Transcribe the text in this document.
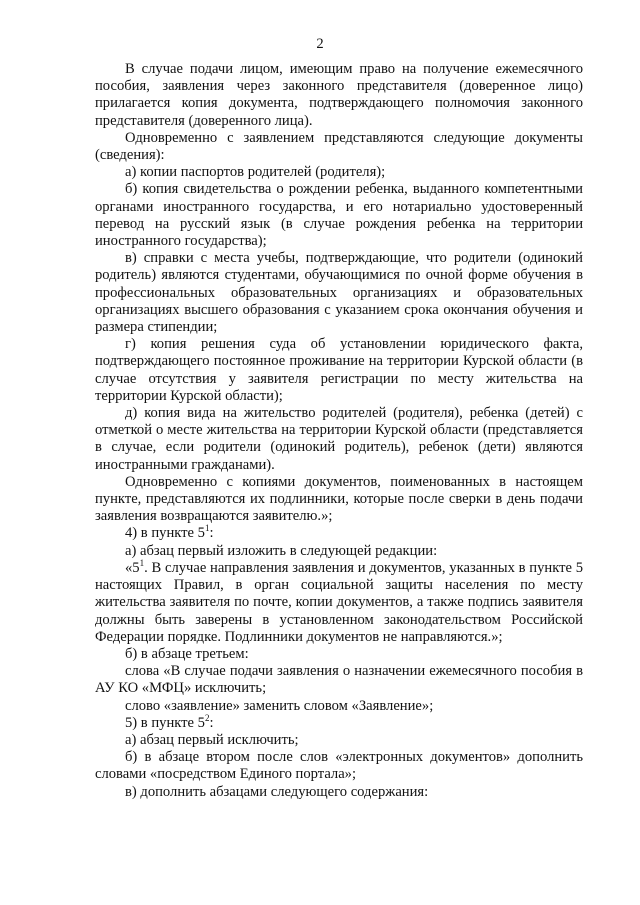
2

В случае подачи лицом, имеющим право на получение ежемесячного пособия, заявления через законного представителя (доверенное лицо) прилагается копия документа, подтверждающего полномочия законного представителя (доверенного лица).

Одновременно с заявлением представляются следующие документы (сведения):

а) копии паспортов родителей (родителя);

б) копия свидетельства о рождении ребенка, выданного компетентными органами иностранного государства, и его нотариально удостоверенный перевод на русский язык (в случае рождения ребенка на территории иностранного государства);

в) справки с места учебы, подтверждающие, что родители (одинокий родитель) являются студентами, обучающимися по очной форме обучения в профессиональных образовательных организациях и образовательных организациях высшего образования с указанием срока окончания обучения и размера стипендии;

г) копия решения суда об установлении юридического факта, подтверждающего постоянное проживание на территории Курской области (в случае отсутствия у заявителя регистрации по месту жительства на территории Курской области);

д) копия вида на жительство родителей (родителя), ребенка (детей) с отметкой о месте жительства на территории Курской области (представляется в случае, если родители (одинокий родитель), ребенок (дети) являются иностранными гражданами).

Одновременно с копиями документов, поименованных в настоящем пункте, представляются их подлинники, которые после сверки в день подачи заявления возвращаются заявителю.»;

4) в пункте $5^1$:

а) абзац первый изложить в следующей редакции:

«$5^1$. В случае направления заявления и документов, указанных в пункте 5 настоящих Правил, в орган социальной защиты населения по месту жительства заявителя по почте, копии документов, а также подпись заявителя должны быть заверены в установленном законодательством Российской Федерации порядке. Подлинники документов не направляются.»;

б) в абзаце третьем:

слова «В случае подачи заявления о назначении ежемесячного пособия в АУ КО «МФЦ» исключить;

слово «заявление» заменить словом «Заявление»;

5) в пункте $5^2$:

а) абзац первый исключить;

б) в абзаце втором после слов «электронных документов» дополнить словами «посредством Единого портала»;

в) дополнить абзацами следующего содержания:
